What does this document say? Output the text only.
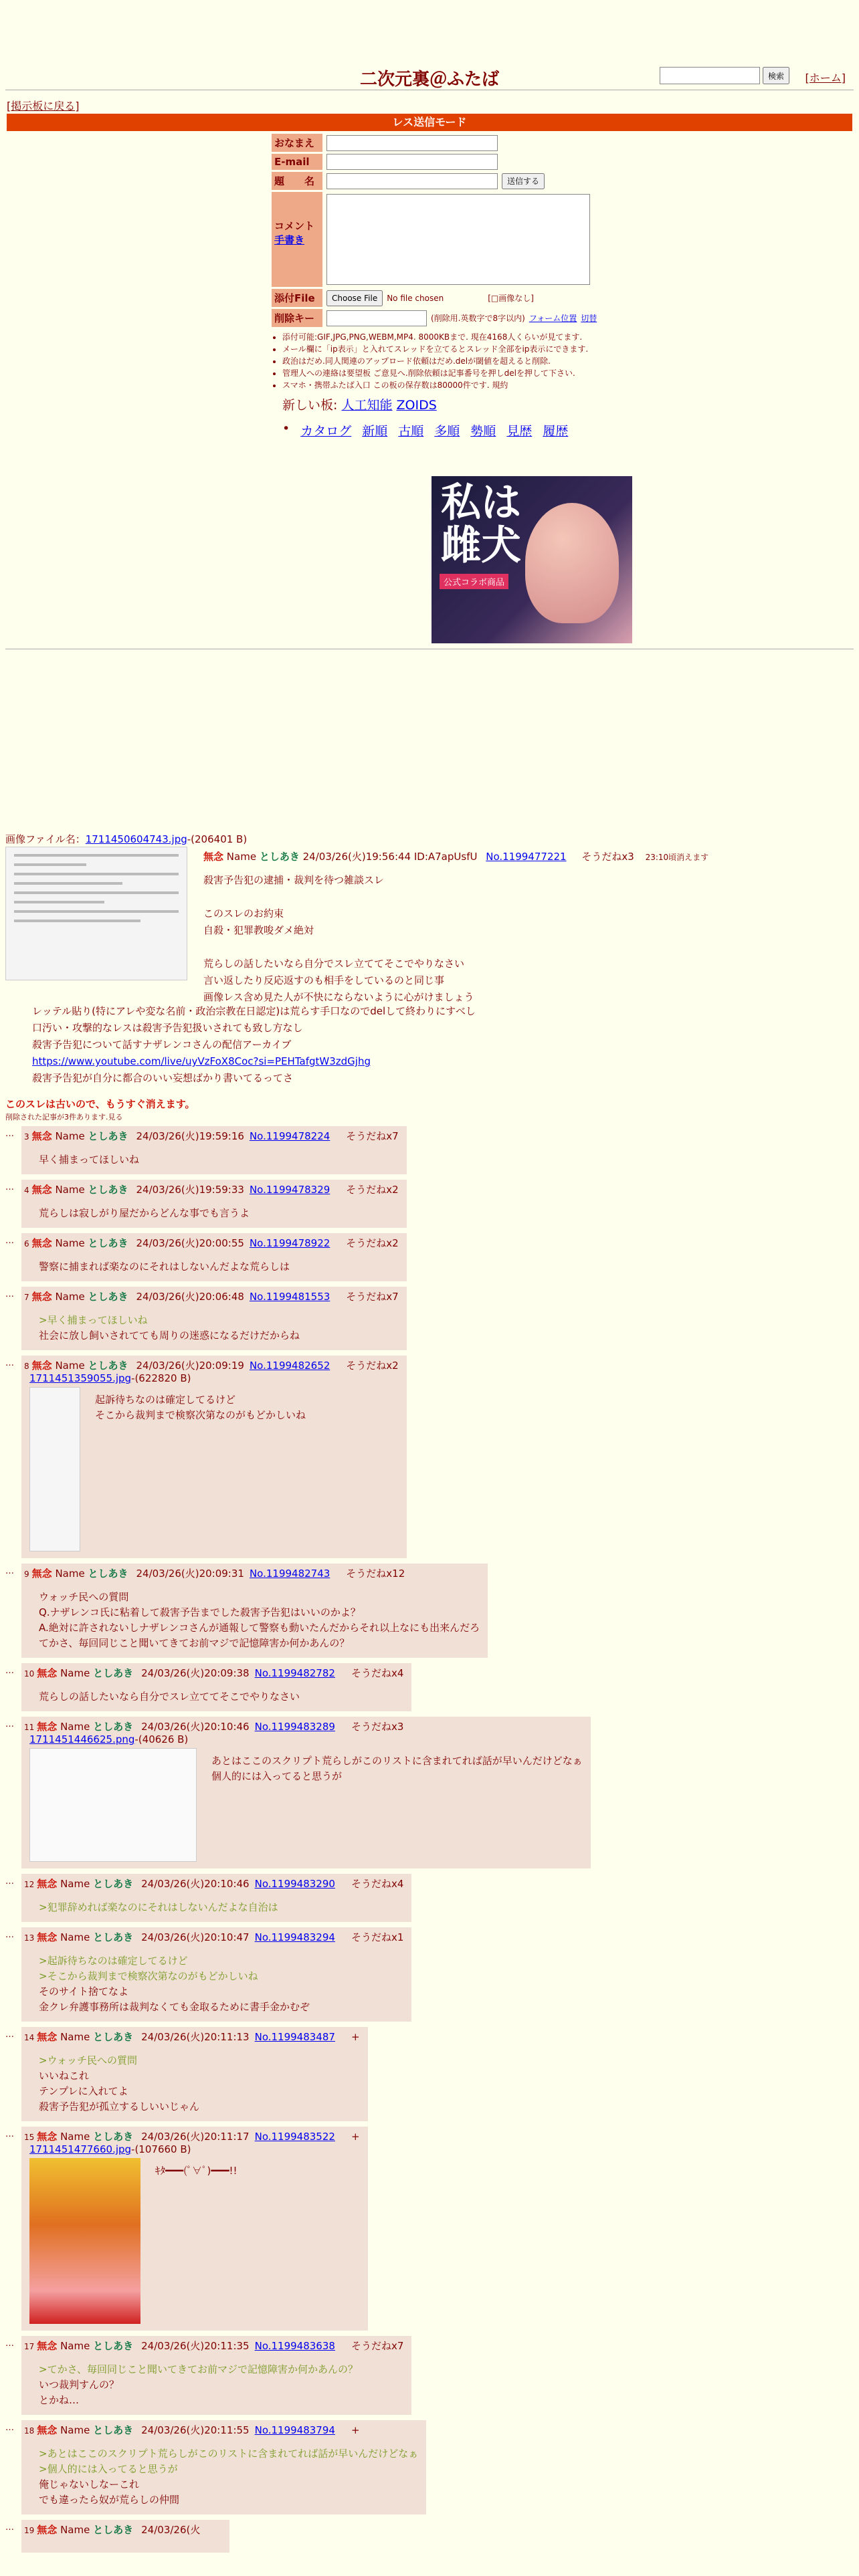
二次元裏＠ふたば	検索	[ホーム]
[掲示板に戻る]
レス送信モード
おなまえ
E-mail
題　　名	送信する
コメント
手書き
添付File	Choose File	No file chosen	[□画像なし]
削除キー	(削除用.英数字で8字以内) フォーム位置 切替
• 添付可能:GIF,JPG,PNG,WEBM,MP4. 8000KBまで. 現在4168人くらいが見てます.
• メール欄に「ip表示」と入れてスレッドを立てるとスレッド全部をip表示にできます.
• 政治はだめ.同人関連のアップロード依頼はだめ.delが閾値を超えると削除.
• 管理人への連絡は要望板 ご意見へ.削除依頼は記事番号を押しdelを押して下さい.
• スマホ・携帯ふたば入口 この板の保存数は80000件です. 規約
新しい板: 人工知能 ZOIDS
• カタログ 新順 古順 多順 勢順 見歴 履歴
私は雌犬
公式コラボ商品
画像ファイル名：1711450604743.jpg-(206401 B)
無念 Name としあき 24/03/26(火)19:56:44 ID:A7apUsfU No.1199477221 そうだねx3 23:10頃消えます
殺害予告犯の逮捕・裁判を待つ雑談スレ

このスレのお約束
自殺・犯罪教唆ダメ絶対

荒らしの話したいなら自分でスレ立ててそこでやりなさい
言い返したり反応返すのも相手をしているのと同じ事
画像レス含め見た人が不快にならないように心がけましょう
レッテル貼り(特にアレや変な名前・政治宗教在日認定)は荒らす手口なのでdelして終わりにすべし
口汚い・攻撃的なレスは殺害予告犯扱いされても致し方なし
殺害予告犯について話すナザレンコさんの配信アーカイブ
https://www.youtube.com/live/uyVzFoX8Coc?si=PEHTafgtW3zdGjhg
殺害予告犯が自分に都合のいい妄想ばかり書いてるってさ
このスレは古いので、もうすぐ消えます。
削除された記事が3件あります.見る
…	3 無念 Name としあき 24/03/26(火)19:59:16 No.1199478224 そうだねx7
早く捕まってほしいね
…	4 無念 Name としあき 24/03/26(火)19:59:33 No.1199478329 そうだねx2
荒らしは寂しがり屋だからどんな事でも言うよ
…	6 無念 Name としあき 24/03/26(火)20:00:55 No.1199478922 そうだねx2
警察に捕まれば楽なのにそれはしないんだよな荒らしは
…	7 無念 Name としあき 24/03/26(火)20:06:48 No.1199481553 そうだねx7
>早く捕まってほしいね
社会に放し飼いされてても周りの迷惑になるだけだからね
…	8 無念 Name としあき 24/03/26(火)20:09:19 No.1199482652 そうだねx2
1711451359055.jpg-(622820 B)
起訴待ちなのは確定してるけど
そこから裁判まで検察次第なのがもどかしいね
…	9 無念 Name としあき 24/03/26(火)20:09:31 No.1199482743 そうだねx12
ウォッチ民への質問
Q.ナザレンコ氏に粘着して殺害予告までした殺害予告犯はいいのかよ？
A.絶対に許されないしナザレンコさんが通報して警察も動いたんだからそれ以上なにも出来んだろ
てかさ、毎回同じこと聞いてきてお前マジで記憶障害か何かあんの？
…	10 無念 Name としあき 24/03/26(火)20:09:38 No.1199482782 そうだねx4
荒らしの話したいなら自分でスレ立ててそこでやりなさい
…	11 無念 Name としあき 24/03/26(火)20:10:46 No.1199483289 そうだねx3
1711451446625.png-(40626 B)
あとはここのスクリプト荒らしがこのリストに含まれてれば話が早いんだけどなぁ
個人的には入ってると思うが
…	12 無念 Name としあき 24/03/26(火)20:10:46 No.1199483290 そうだねx4
>犯罪辞めれば楽なのにそれはしないんだよな自治は
…	13 無念 Name としあき 24/03/26(火)20:10:47 No.1199483294 そうだねx1
>起訴待ちなのは確定してるけど
>そこから裁判まで検察次第なのがもどかしいね
そのサイト捨てなよ
金クレ弁護事務所は裁判なくても金取るために書手金かむぞ
…	14 無念 Name としあき 24/03/26(火)20:11:13 No.1199483487 +
>ウォッチ民への質問
いいねこれ
テンプレに入れてよ
殺害予告犯が孤立するしいいじゃん
…	15 無念 Name としあき 24/03/26(火)20:11:17 No.1199483522 +
1711451477660.jpg-(107660 B)
ｷﾀ━━━(ﾟ∀ﾟ)━━━!!
…	17 無念 Name としあき 24/03/26(火)20:11:35 No.1199483638 そうだねx7
>てかさ、毎回同じこと聞いてきてお前マジで記憶障害か何かあんの？
いつ裁判すんの？
とかね…
…	18 無念 Name としあき 24/03/26(火)20:11:55 No.1199483794 +
>あとはここのスクリプト荒らしがこのリストに含まれてれば話が早いんだけどなぁ
>個人的には入ってると思うが
俺じゃないしなーこれ
でも違ったら奴が荒らしの仲間
…	19 無念 Name としあき 24/03/26(火
